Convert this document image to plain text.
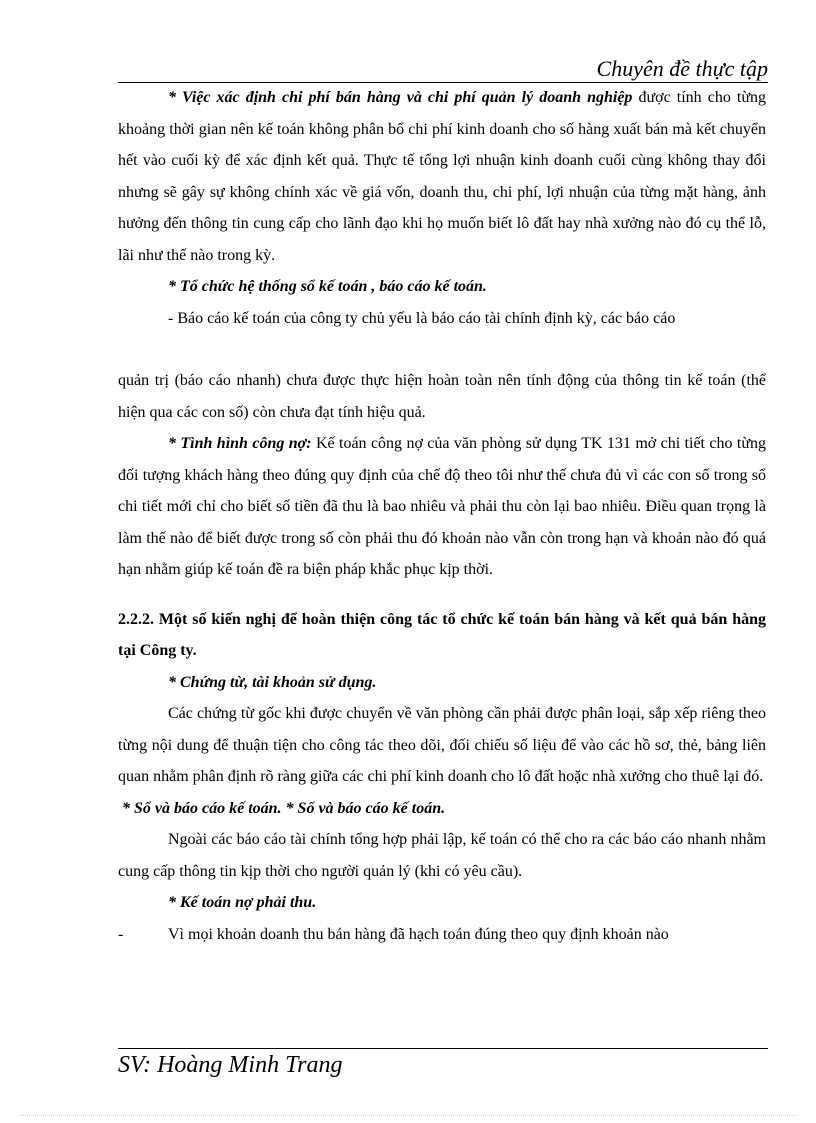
Chuyên đề thực tập

* Việc xác định chi phí bán hàng và chi phí quản lý doanh nghiệp được tính cho từng khoảng thời gian nên kế toán không phân bổ chi phí kinh doanh cho số hàng xuất bán mà kết chuyển hết vào cuối kỳ để xác định kết quả. Thực tế tổng lợi nhuận kinh doanh cuối cùng không thay đổi nhưng sẽ gây sự không chính xác về giá vốn, doanh thu, chi phí, lợi nhuận của từng mặt hàng, ảnh hưởng đến thông tin cung cấp cho lãnh đạo khi họ muốn biết lô đất hay nhà xưởng nào đó cụ thể lỗ, lãi như thế nào trong kỳ.

* Tổ chức hệ thống sổ kế toán , báo cáo kế toán.

- Báo cáo kế toán của công ty chủ yếu là báo cáo tài chính định kỳ, các báo cáo

quản trị (báo cáo nhanh) chưa được thực hiện hoàn toàn nên tính động của thông tin kế toán (thể hiện qua các con số) còn chưa đạt tính hiệu quả.

* Tình hình công nợ: Kế toán công nợ của văn phòng sử dụng TK 131 mở chi tiết cho từng đối tượng khách hàng theo đúng quy định của chế độ theo tôi như thế chưa đủ vì các con số trong sổ chi tiết mới chỉ cho biết số tiền đã thu là bao nhiêu và phải thu còn lại bao nhiêu. Điều quan trọng là làm thế nào để biết được trong số còn phải thu đó khoản nào vẫn còn trong hạn và khoản nào đó quá hạn nhằm giúp kế toán đề ra biện pháp khắc phục kịp thời.

2.2.2. Một số kiến nghị để hoàn thiện công tác tổ chức kế toán bán hàng và kết quả bán hàng tại Công ty.

* Chứng từ, tài khoản sử dụng.

Các chứng từ gốc khi được chuyển về văn phòng cần phải được phân loại, sắp xếp riêng theo từng nội dung để thuận tiện cho công tác theo dõi, đối chiếu số liệu để vào các hồ sơ, thẻ, bảng liên quan nhằm phân định rõ ràng giữa các chi phí kinh doanh cho lô đất hoặc nhà xưởng cho thuê lại đó.

* Sổ và báo cáo kế toán. * Sổ và báo cáo kế toán.

Ngoài các báo cáo tài chính tổng hợp phải lập, kế toán có thể cho ra các báo cáo nhanh nhằm cung cấp thông tin kịp thời cho người quản lý (khi có yêu cầu).

* Kế toán nợ phải thu.

-	Vì mọi khoản doanh thu bán hàng đã hạch toán đúng theo quy định khoản nào
SV: Hoàng Minh Trang
